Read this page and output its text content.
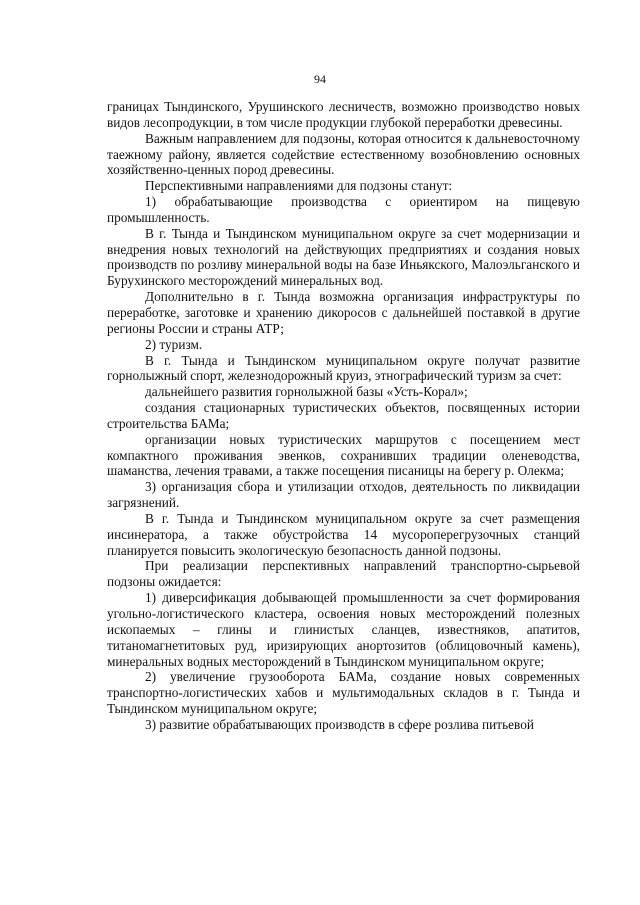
94

границах Тындинского, Урушинского лесничеств, возможно производство новых видов лесопродукции, в том числе продукции глубокой переработки древесины.

Важным направлением для подзоны, которая относится к дальневосточному таежному району, является содействие естественному возобновлению основных хозяйственно-ценных пород древесины.

Перспективными направлениями для подзоны станут:

1) обрабатывающие производства с ориентиром на пищевую промышленность.

В г. Тында и Тындинском муниципальном округе за счет модернизации и внедрения новых технологий на действующих предприятиях и создания новых производств по розливу минеральной воды на базе Иньякского, Малоэльганского и Бурухинского месторождений минеральных вод.

Дополнительно в г. Тында возможна организация инфраструктуры по переработке, заготовке и хранению дикоросов с дальнейшей поставкой в другие регионы России и страны АТР;

2) туризм.

В г. Тында и Тындинском муниципальном округе получат развитие горнолыжный спорт, железнодорожный круиз, этнографический туризм за счет:

дальнейшего развития горнолыжной базы «Усть-Корал»;

создания стационарных туристических объектов, посвященных истории строительства БАМа;

организации новых туристических маршрутов с посещением мест компактного проживания эвенков, сохранивших традиции оленеводства, шаманства, лечения травами, а также посещения писаницы на берегу р. Олекма;

3) организация сбора и утилизации отходов, деятельность по ликвидации загрязнений.

В г. Тында и Тындинском муниципальном округе за счет размещения инсинератора, а также обустройства 14 мусороперегрузочных станций планируется повысить экологическую безопасность данной подзоны.

При реализации перспективных направлений транспортно-сырьевой подзоны ожидается:

1) диверсификация добывающей промышленности за счет формирования угольно-логистического кластера, освоения новых месторождений полезных ископаемых – глины и глинистых сланцев, известняков, апатитов, титаномагнетитовых руд, иризирующих анортозитов (облицовочный камень), минеральных водных месторождений в Тындинском муниципальном округе;

2) увеличение грузооборота БАМа, создание новых современных транспортно-логистических хабов и мультимодальных складов в г. Тында и Тындинском муниципальном округе;

3) развитие обрабатывающих производств в сфере розлива питьевой
